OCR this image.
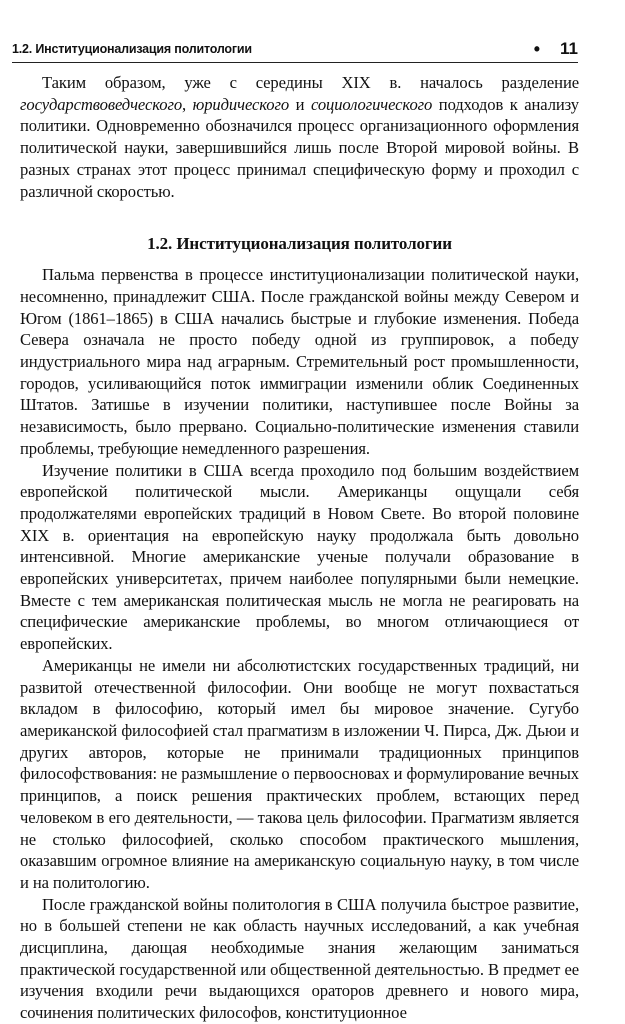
1.2. Институционализация политологии	• 11

Таким образом, уже с середины XIX в. началось разделение государствоведческого, юридического и социологического подходов к анализу политики. Одновременно обозначился процесс организационного оформления политической науки, завершившийся лишь после Второй мировой войны. В разных странах этот процесс принимал специфическую форму и проходил с различной скоростью.

1.2. Институционализация политологии

Пальма первенства в процессе институционализации политической науки, несомненно, принадлежит США. После гражданской войны между Севером и Югом (1861–1865) в США начались быстрые и глубокие изменения. Победа Севера означала не просто победу одной из группировок, а победу индустриального мира над аграрным. Стремительный рост промышленности, городов, усиливающийся поток иммиграции изменили облик Соединенных Штатов. Затишье в изучении политики, наступившее после Войны за независимость, было прервано. Социально-политические изменения ставили проблемы, требующие немедленного разрешения.

Изучение политики в США всегда проходило под большим воздействием европейской политической мысли. Американцы ощущали себя продолжателями европейских традиций в Новом Свете. Во второй половине XIX в. ориентация на европейскую науку продолжала быть довольно интенсивной. Многие американские ученые получали образование в европейских университетах, причем наиболее популярными были немецкие. Вместе с тем американская политическая мысль не могла не реагировать на специфические американские проблемы, во многом отличающиеся от европейских.

Американцы не имели ни абсолютистских государственных традиций, ни развитой отечественной философии. Они вообще не могут похвастаться вкладом в философию, который имел бы мировое значение. Сугубо американской философией стал прагматизм в изложении Ч. Пирса, Дж. Дьюи и других авторов, которые не принимали традиционных принципов философствования: не размышление о первоосновах и формулирование вечных принципов, а поиск решения практических проблем, встающих перед человеком в его деятельности, — такова цель философии. Прагматизм является не столько философией, сколько способом практического мышления, оказавшим огромное влияние на американскую социальную науку, в том числе и на политологию.

После гражданской войны политология в США получила быстрое развитие, но в большей степени не как область научных исследований, а как учебная дисциплина, дающая необходимые знания желающим заниматься практической государственной или общественной деятельностью. В предмет ее изучения входили речи выдающихся ораторов древнего и нового мира, сочинения политических философов, конституционное
